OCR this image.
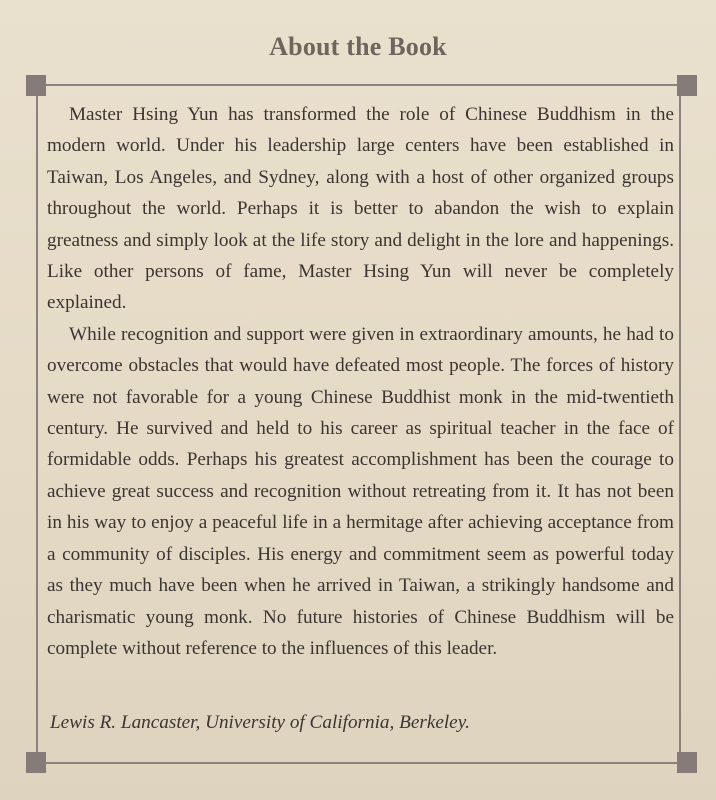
About the Book

Master Hsing Yun has transformed the role of Chinese Buddhism in the modern world. Under his leadership large centers have been established in Taiwan, Los Angeles, and Sydney, along with a host of other organized groups throughout the world. Perhaps it is better to abandon the wish to explain greatness and simply look at the life story and delight in the lore and happenings. Like other persons of fame, Master Hsing Yun will never be completely explained.

While recognition and support were given in extraordinary amounts, he had to overcome obstacles that would have defeated most people. The forces of history were not favorable for a young Chinese Buddhist monk in the mid-twentieth century. He survived and held to his career as spiritual teacher in the face of formidable odds. Perhaps his greatest accomplishment has been the courage to achieve great success and recognition without retreating from it. It has not been in his way to enjoy a peaceful life in a hermitage after achieving acceptance from a community of disciples. His energy and commitment seem as powerful today as they much have been when he arrived in Taiwan, a strikingly handsome and charismatic young monk. No future histories of Chinese Buddhism will be complete without reference to the influences of this leader.

Lewis R. Lancaster, University of California, Berkeley.
